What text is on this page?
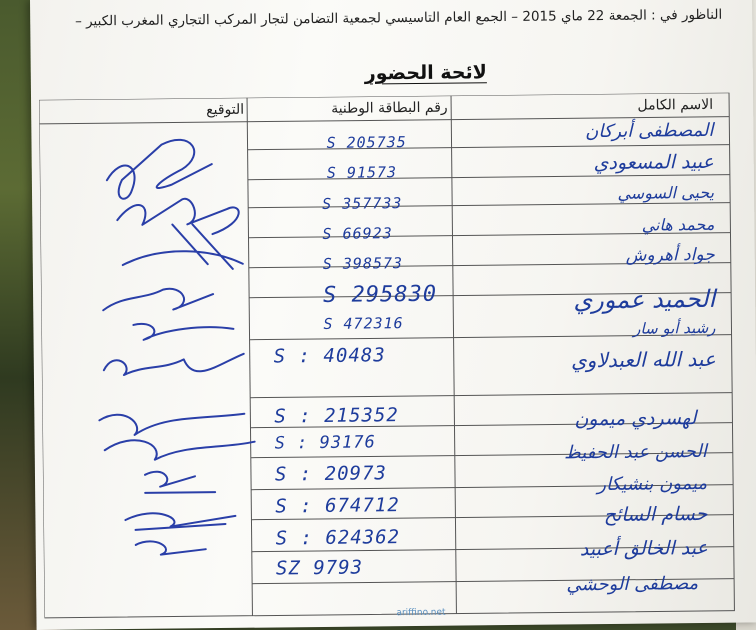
الناظور في : الجمعة 22 ماي 2015 – الجمع العام التاسيسي لجمعية التضامن لتجار المركب التجاري المغرب الكبير –
لائحة الحضور
الاسم الكامل
رقم البطاقة الوطنية
التوقيع
المصطفى أبركان
عبيد المسعودي
يحيى السوسي
محمد هاني
جواد أهروش
الحميد عموري
رشيد أبو سار
عبد الله العبدلاوي
لهسردي ميمون
الحسن عبد الحفيظ
ميمون بنشيكار
حسام السائح
عبد الخالق أعبيد
مصطفى الوحشي
S 205735
S 91573
S 357733
S 66923
S 398573
S 295830
S 472316
S : 40483
S : 215352
S : 93176
S : 20973
S : 674712
S : 624362
SZ 9793
ariffino.net
